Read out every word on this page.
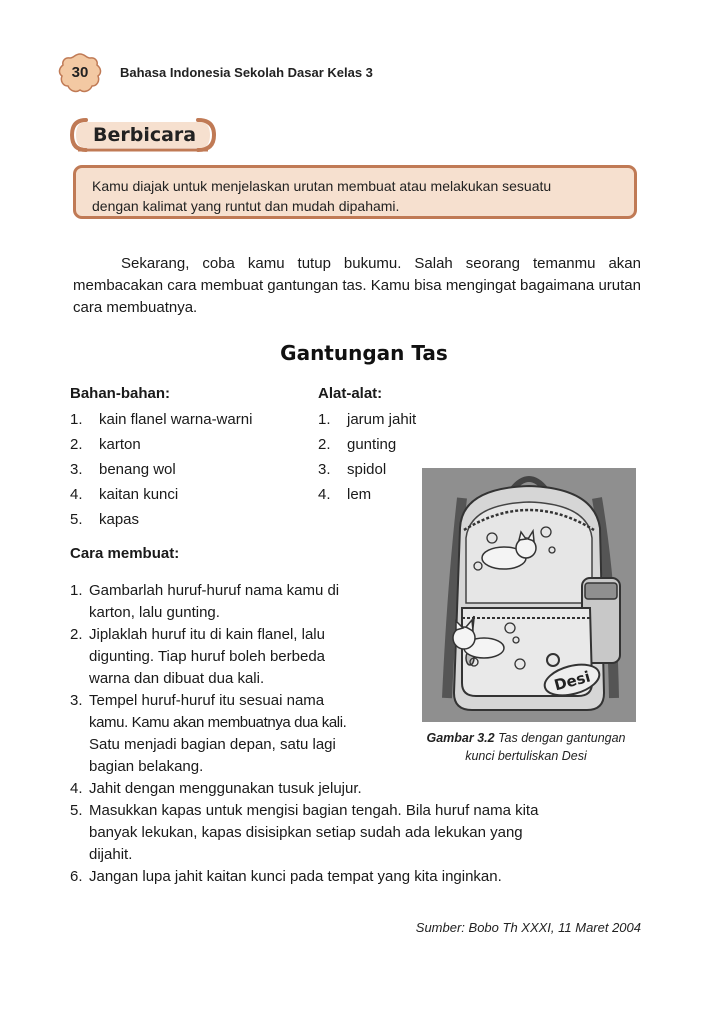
30	Bahasa Indonesia Sekolah Dasar Kelas 3
Berbicara
Kamu diajak untuk menjelaskan urutan membuat atau melakukan sesuatu
dengan kalimat yang runtut dan mudah dipahami.
Sekarang, coba kamu tutup bukumu. Salah seorang temanmu akan membacakan cara membuat gantungan tas. Kamu bisa mengingat bagaimana urutan cara membuatnya.
Gantungan Tas
Bahan-bahan:
1.	kain flanel warna-warni
2.	karton
3.	benang wol
4.	kaitan kunci
5.	kapas
Alat-alat:
1.	jarum jahit
2.	gunting
3.	spidol
4.	lem
Cara membuat:
1. Gambarlah huruf-huruf nama kamu di
karton, lalu gunting.
2. Jiplaklah huruf itu di kain flanel, lalu
digunting. Tiap huruf boleh berbeda
warna dan dibuat dua kali.
3. Tempel huruf-huruf itu sesuai nama
kamu. Kamu akan membuatnya dua kali.
Satu menjadi bagian depan, satu lagi
bagian belakang.
4. Jahit dengan menggunakan tusuk jelujur.
5. Masukkan kapas untuk mengisi bagian tengah. Bila huruf nama kita
banyak lekukan, kapas disisipkan setiap sudah ada lekukan yang
dijahit.
6. Jangan lupa jahit kaitan kunci pada tempat yang kita inginkan.
Desi
Gambar 3.2 Tas dengan gantungan
kunci bertuliskan Desi
Sumber: Bobo Th XXXI, 11 Maret 2004
